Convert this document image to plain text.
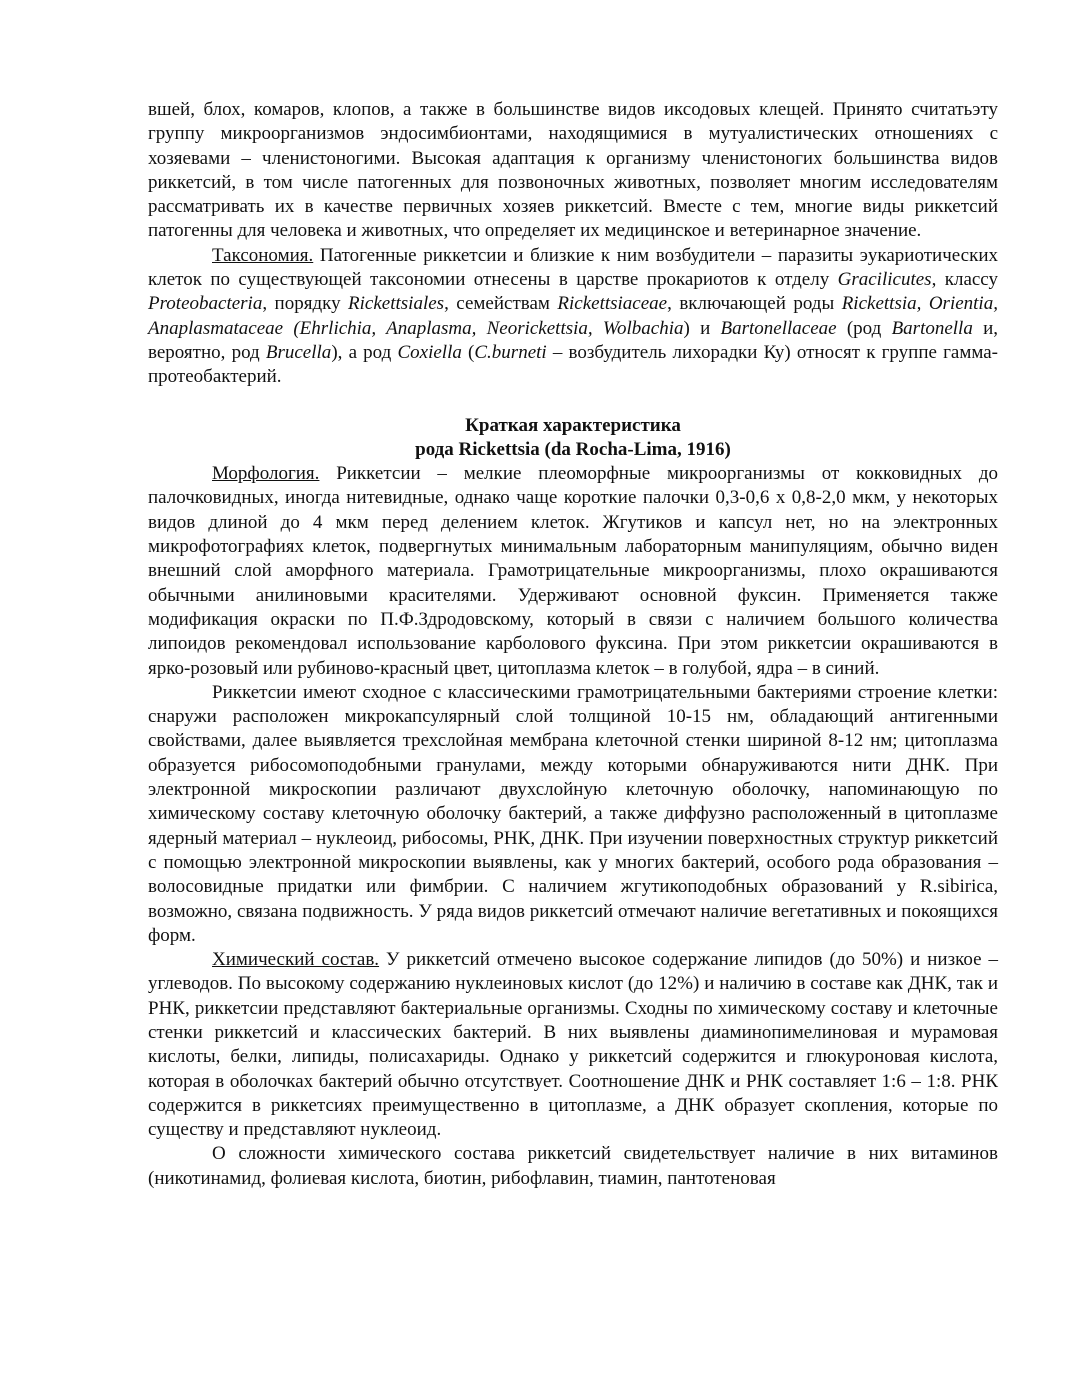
вшей, блох, комаров, клопов, а также в большинстве видов иксодовых клещей. Принято считатьэту группу микроорганизмов эндосимбионтами, находящимися в мутуалистических отношениях с хозяевами – членистоногими. Высокая адаптация к организму членистоногих большинства видов риккетсий, в том числе патогенных для позвоночных животных, позволяет многим исследователям рассматривать их в качестве первичных хозяев риккетсий. Вместе с тем, многие виды риккетсий патогенны для человека и животных, что определяет их медицинское и ветеринарное значение.

Таксономия. Патогенные риккетсии и близкие к ним возбудители – паразиты эукариотических клеток по существующей таксономии отнесены в царстве прокариотов к отделу Gracilicutes, классу Proteobacteria, порядку Rickettsiales, семействам Rickettsiaceae, включающей роды Rickettsia, Orientia, Anaplasmataceae (Ehrlichia, Anaplasma, Neorickettsia, Wolbachia) и Bartonellaceae (род Bartonella и, вероятно, род Brucella), а род Coxiella (C.burneti – возбудитель лихорадки Ку) относят к группе гамма-протеобактерий.

Краткая характеристика

рода Rickettsia (da Rocha-Lima, 1916)

Морфология. Риккетсии – мелкие плеоморфные микроорганизмы от кокковидных до палочковидных, иногда нитевидные, однако чаще короткие палочки 0,3-0,6 х 0,8-2,0 мкм, у некоторых видов длиной до 4 мкм перед делением клеток. Жгутиков и капсул нет, но на электронных микрофотографиях клеток, подвергнутых минимальным лабораторным манипуляциям, обычно виден внешний слой аморфного материала. Грамотрицательные микроорганизмы, плохо окрашиваются обычными анилиновыми красителями. Удерживают основной фуксин. Применяется также модификация окраски по П.Ф.Здродовскому, который в связи с наличием большого количества липоидов рекомендовал использование карболового фуксина. При этом риккетсии окрашиваются в ярко-розовый или рубиново-красный цвет, цитоплазма клеток – в голубой, ядра – в синий.

Риккетсии имеют сходное с классическими грамотрицательными бактериями строение клетки: снаружи расположен микрокапсулярный слой толщиной 10-15 нм, обладающий антигенными свойствами, далее выявляется трехслойная мембрана клеточной стенки шириной 8-12 нм; цитоплазма образуется рибосомоподобными гранулами, между которыми обнаруживаются нити ДНК. При электронной микроскопии различают двухслойную клеточную оболочку, напоминающую по химическому составу клеточную оболочку бактерий, а также диффузно расположенный в цитоплазме ядерный материал – нуклеоид, рибосомы, РНК, ДНК. При изучении поверхностных структур риккетсий с помощью электронной микроскопии выявлены, как у многих бактерий, особого рода образования – волосовидные придатки или фимбрии. С наличием жгутикоподобных образований у R.sibirica, возможно, связана подвижность. У ряда видов риккетсий отмечают наличие вегетативных и покоящихся форм.

Химический состав. У риккетсий отмечено высокое содержание липидов (до 50%) и низкое – углеводов. По высокому содержанию нуклеиновых кислот (до 12%) и наличию в составе как ДНК, так и РНК, риккетсии представляют бактериальные организмы. Сходны по химическому составу и клеточные стенки риккетсий и классических бактерий. В них выявлены диаминопимелиновая и мурамовая кислоты, белки, липиды, полисахариды. Однако у риккетсий содержится и глюкуроновая кислота, которая в оболочках бактерий обычно отсутствует. Соотношение ДНК и РНК составляет 1:6 – 1:8. РНК содержится в риккетсиях преимущественно в цитоплазме, а ДНК образует скопления, которые по существу и представляют нуклеоид.

О сложности химического состава риккетсий свидетельствует наличие в них витаминов (никотинамид, фолиевая кислота, биотин, рибофлавин, тиамин, пантотеновая
